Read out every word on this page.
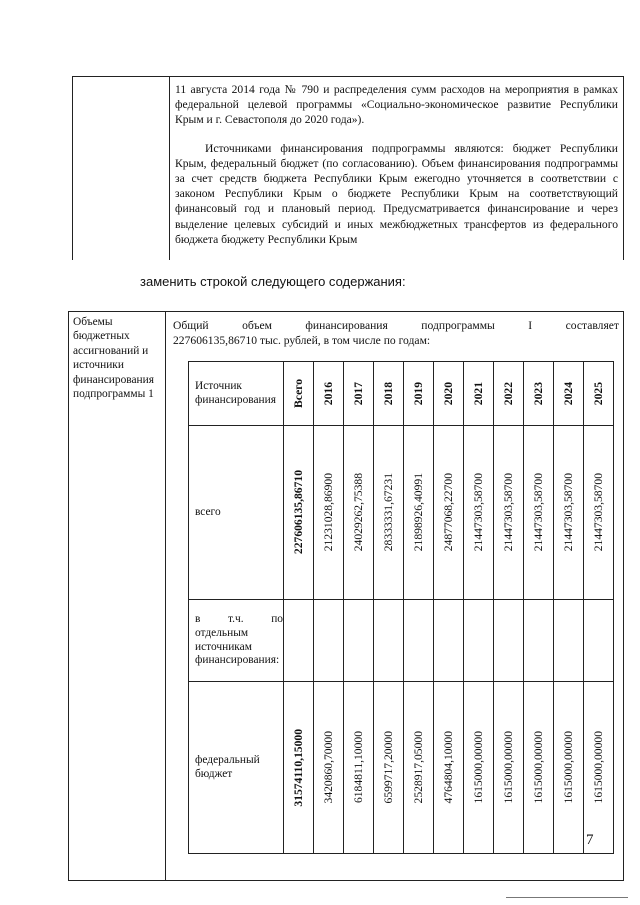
11 августа 2014 года № 790 и распределения сумм расходов на мероприятия в рамках федеральной целевой программы «Социально-экономическое развитие Республики Крым и г. Севастополя до 2020 года»).

Источниками финансирования подпрограммы являются: бюджет Республики Крым, федеральный бюджет (по согласованию). Объем финансирования подпрограммы за счет средств бюджета Республики Крым ежегодно уточняется в соответствии с законом Республики Крым о бюджете Республики Крым на соответствующий финансовый год и плановый период. Предусматривается финансирование и через выделение целевых субсидий и иных межбюджетных трансфертов из федерального бюджета бюджету Республики Крым

заменить строкой следующего содержания:
Объемы бюджетных ассигнований и источники финансирования подпрограммы 1
Общий	объем	финансирования	подпрограммы	I	составляет
227606135,86710 тыс. рублей, в том числе по годам:
Источник финансирования	Всего	2016	2017	2018	2019	2020	2021	2022	2023	2024	2025

всего	227606135,86710	21231028,86900	24029262,75388	28333331,67231	21898926,40991	24877068,22700	21447303,58700	21447303,58700	21447303,58700	21447303,58700	21447303,58700

в т.ч. по отдельным источникам финансирования:											
федеральный бюджет	31574110,15000	3420860,70000	6184811,10000	6599717,20000	2528917,05000	4764804,10000	1615000,00000	1615000,00000	1615000,00000	1615000,00000	1615000,00000
7
